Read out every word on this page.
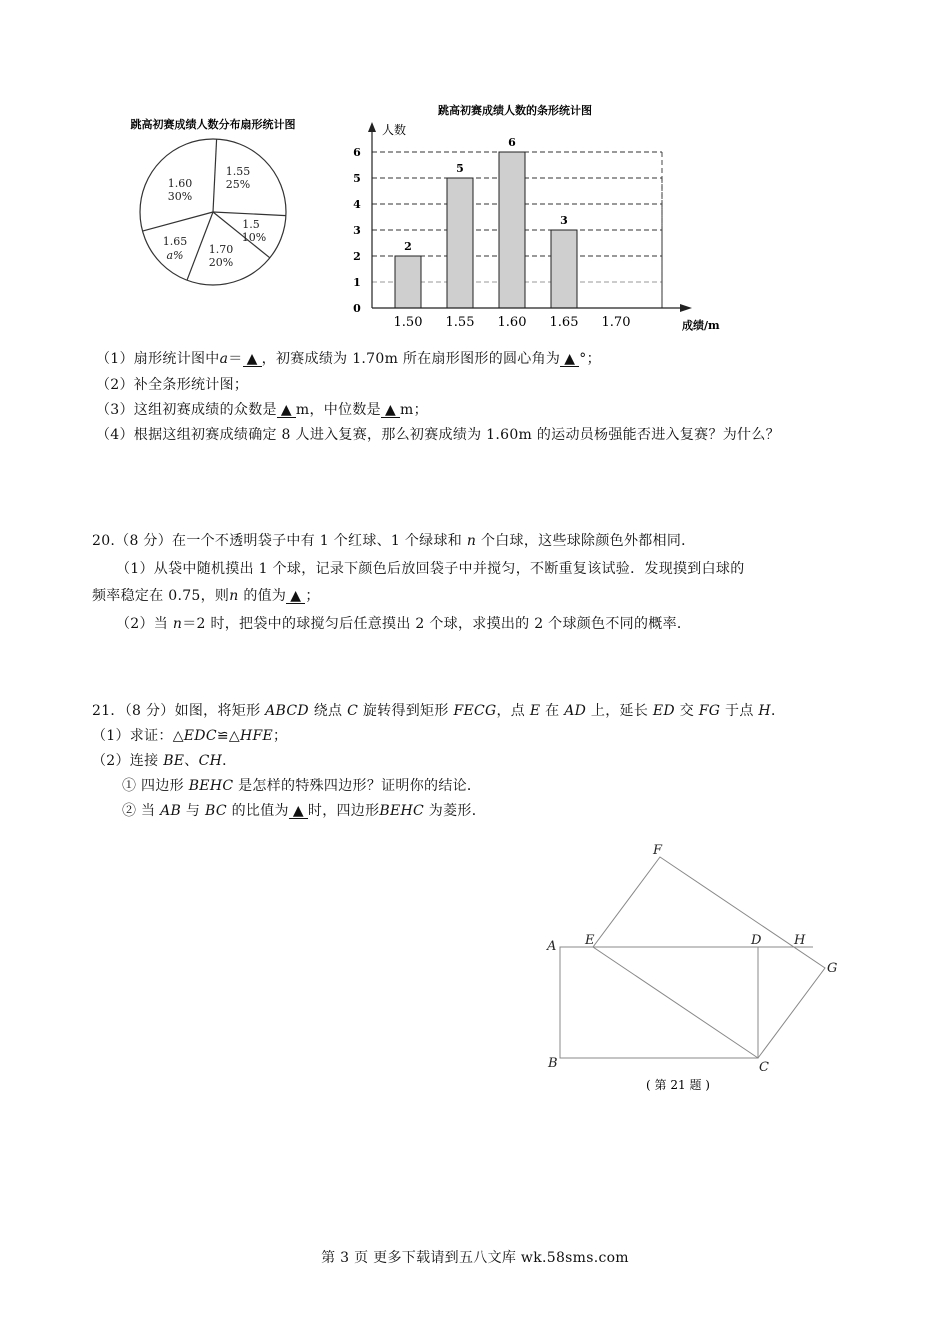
跳高初赛成绩人数分布扇形统计图
1.55
25%
1.5
10%
1.70
20%
1.65
a%
1.60
30%
跳高初赛成绩人数的条形统计图
人数
成绩/m
2
5
6
3
0
1
2
3
4
5
6
1.50 1.55 1.60 1.65 1.70
（1）扇形统计图中a＝ ▲ ，初赛成绩为 1.70m 所在扇形图形的圆心角为 ▲ °；
（2）补全条形统计图；
（3）这组初赛成绩的众数是 ▲ m，中位数是 ▲ m；
（4）根据这组初赛成绩确定 8 人进入复赛，那么初赛成绩为 1.60m 的运动员杨强能否进入复赛？为什么？
20.（8 分）在一个不透明袋子中有 1 个红球、1 个绿球和 n 个白球，这些球除颜色外都相同．
（1）从袋中随机摸出 1 个球，记录下颜色后放回袋子中并搅匀，不断重复该试验．发现摸到白球的
频率稳定在 0.75，则n 的值为 ▲ ；
（2）当 n＝2 时，把袋中的球搅匀后任意摸出 2 个球，求摸出的 2 个球颜色不同的概率．
21．（8 分）如图，将矩形 ABCD 绕点 C 旋转得到矩形 FECG，点 E 在 AD 上，延长 ED 交 FG 于点 H．
（1）求证：△EDC≌△HFE；
（2）连接 BE、CH．
① 四边形 BEHC 是怎样的特殊四边形？证明你的结论．
② 当 AB 与 BC 的比值为 ▲ 时，四边形BEHC 为菱形．
F
A E	D	H
G
B	C
( 第 21 题 )
第 3 页 更多下载请到五八文库 wk.58sms.com
